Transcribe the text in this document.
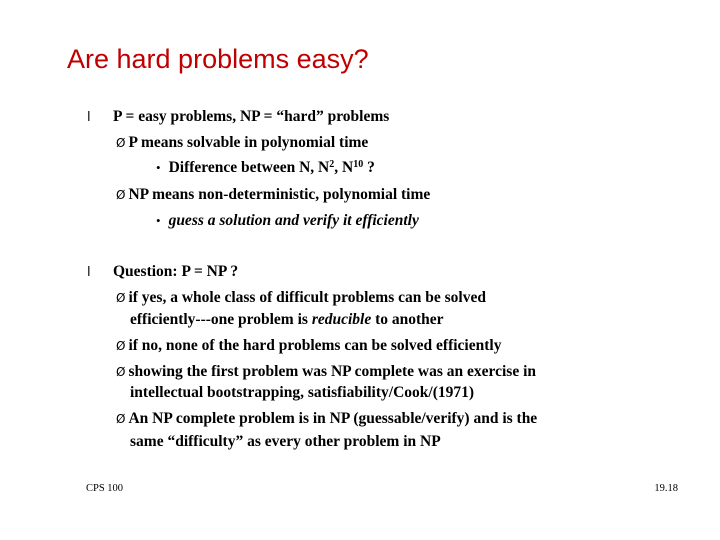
Are hard problems easy?
l P = easy problems, NP = “hard” problems
Ø P means solvable in polynomial time
• Difference between N, $N^2$, $N^{10}$ ?
Ø NP means non-deterministic, polynomial time
• guess a solution and verify it efficiently
l Question: P = NP ?
Ø if yes, a whole class of difficult problems can be solved
efficiently---one problem is reducible to another
Ø if no, none of the hard problems can be solved efficiently
Ø showing the first problem was NP complete was an exercise in
intellectual bootstrapping, satisfiability/Cook/(1971)
Ø An NP complete problem is in NP (guessable/verify) and is the
same “difficulty” as every other problem in NP
CPS 100	19.18
